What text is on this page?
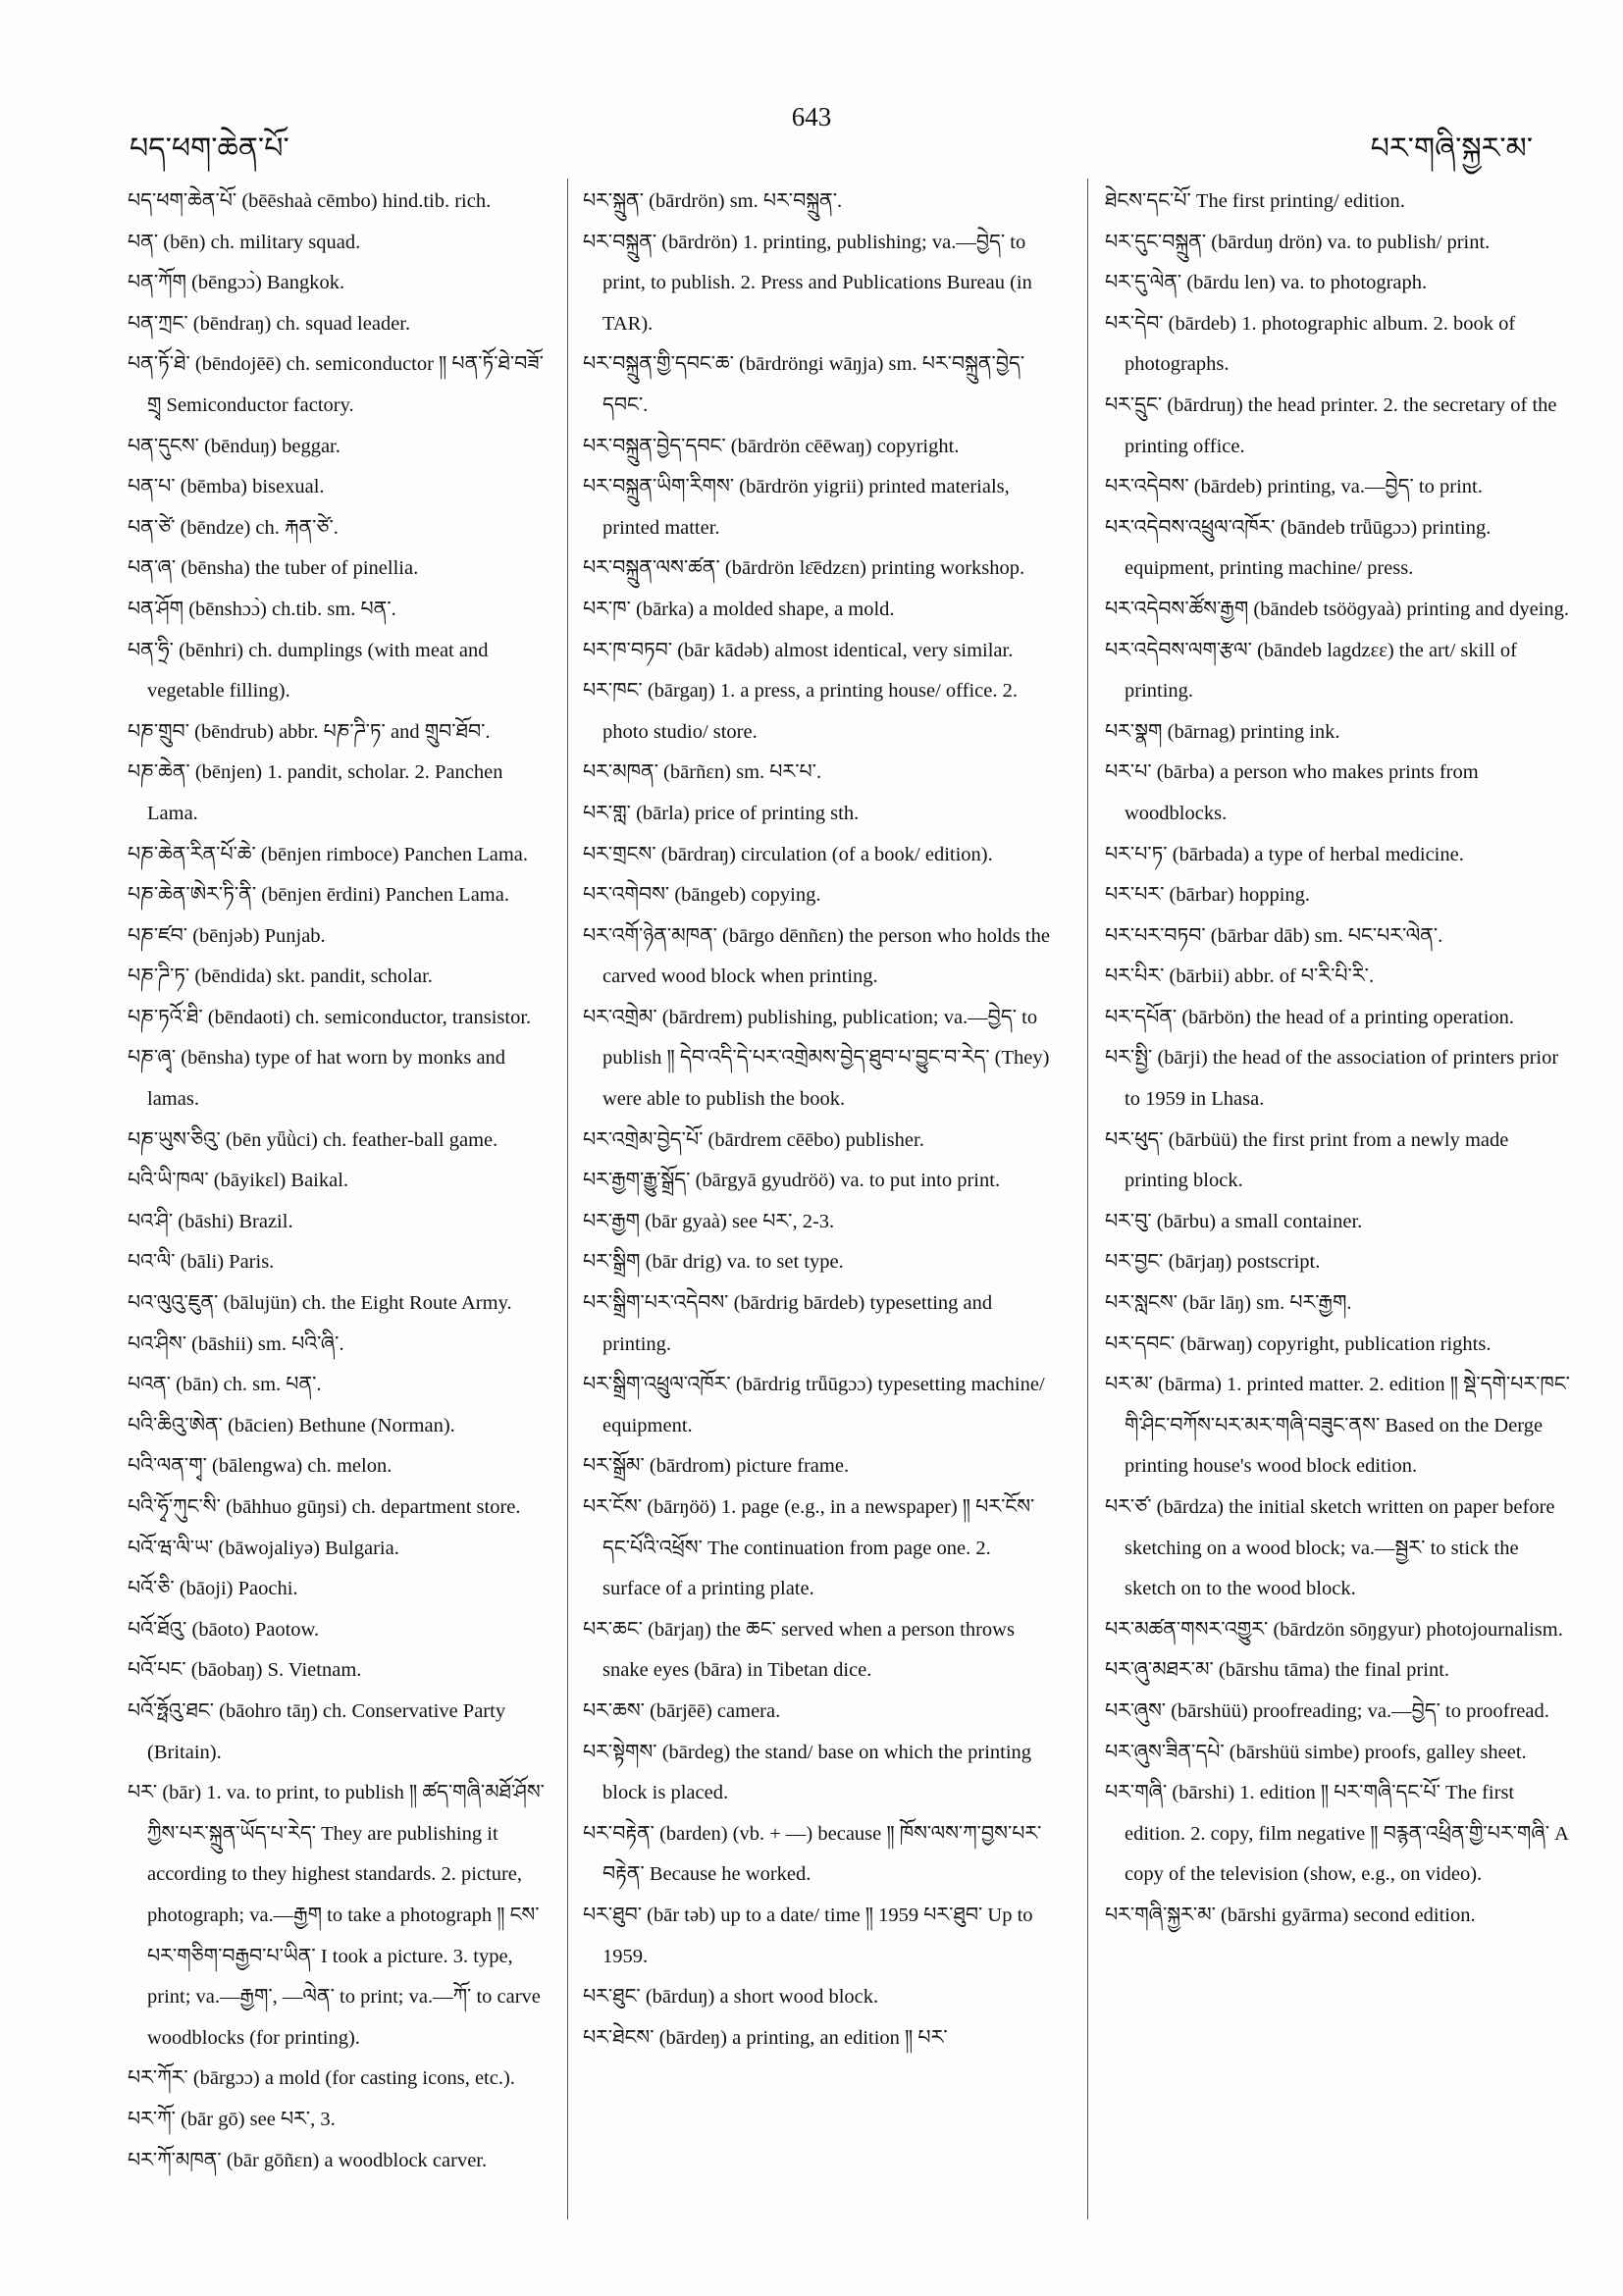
པད་ཕག་ཆེན་པོ་
643
པར་གཞི་སྐྱར་མ་

པད་ཕག་ཆེན་པོ་ (bēēshaà cēmbo) hind.tib. rich.

པན་ (bēn) ch. military squad.

པན་ཀོག (bēngɔɔ̀) Bangkok.

པན་ཀྲང་ (bēndraŋ) ch. squad leader.

པན་ཏོ་ཐེ་ (bēndojēē) ch. semiconductor ༎ པན་ཏོ་ཐེ་བཟོ་གྲྭ Semiconductor factory.

པན་དུངས་ (bēnduŋ) beggar.

པན་པ་ (bēmba) bisexual.

པན་ཙེ་ (bēndze) ch. རྐན་ཙེ་.

པན་ཞ་ (bēnsha) the tuber of pinellia.

པན་ཤོག (bēnshɔɔ̀) ch.tib. sm. པན་.

པན་ཧྲི་ (bēnhri) ch. dumplings (with meat and vegetable filling).

པཎ་གྲུབ་ (bēndrub) abbr. པཎ་ཌི་ཏ་ and གྲུབ་ཐོབ་.

པཎ་ཆེན་ (bēnjen) 1. pandit, scholar. 2. Panchen Lama.

པཎ་ཆེན་རིན་པོ་ཆེ་ (bēnjen rimboce) Panchen Lama.

པཎ་ཆེན་ཨེར་ཏི་ནི་ (bēnjen ērdini) Panchen Lama.

པཎ་ཛབ་ (bēnjəb) Punjab.

པཎ་ཌི་ཏ་ (bēndida) skt. pandit, scholar.

པཎ་ཏའོ་ཐི་ (bēndaoti) ch. semiconductor, transistor.

པཎ་ཞྭ་ (bēnsha) type of hat worn by monks and lamas.

པཎ་ཡུས་ཅིའུ་ (bēn yǖǜci) ch. feather-ball game.

པའི་ཡི་ཁལ་ (bāyikɛl) Baikal.

པའ་ཤི་ (bāshi) Brazil.

པའ་ལི་ (bāli) Paris.

པའ་ལུའུ་ཇུན་ (bālujün) ch. the Eight Route Army.

པའ་ཤིས་ (bāshii) sm. པའི་ཞི་.

པའན་ (bān) ch. sm. པན་.

པའི་ཆིའུ་ཨེན་ (bācien) Bethune (Norman).

པའི་ལན་གྭ་ (bālengwa) ch. melon.

པའི་ཧྭོ་ཀུང་སི་ (bāhhuo gūŋsi) ch. department store.

པའོ་ཝ་ལི་ཡ་ (bāwojaliyə) Bulgaria.

པའོ་ཅི་ (bāoji) Paochi.

པའོ་ཐོའུ་ (bāoto) Paotow.

པའོ་པང་ (bāobaŋ) S. Vietnam.

པའོ་ཧྥོའུ་ཐང་ (bāohro tāŋ) ch. Conservative Party (Britain).

པར་ (bār) 1. va. to print, to publish ༎ ཚད་གཞི་མཐོ་ཤོས་ཀྱིས་པར་སྐྲུན་ཡོད་པ་རེད་ They are publishing it according to they highest standards. 2. picture, photograph; va.—རྒྱག to take a photograph ༎ ངས་པར་གཅིག་བརྒྱབ་པ་ཡིན་ I took a picture. 3. type, print; va.—རྒྱག་, —ལེན་ to print; va.—ཀོ་ to carve woodblocks (for printing).

པར་ཀོར་ (bārgɔɔ) a mold (for casting icons, etc.).

པར་ཀོ་ (bār gō) see པར་, 3.

པར་ཀོ་མཁན་ (bār gōñɛn) a woodblock carver.

པར་སྐྲུན་ (bārdrön) sm. པར་བསྐྲུན་.

པར་བསྐྲུན་ (bārdrön) 1. printing, publishing; va.—བྱེད་ to print, to publish. 2. Press and Publications Bureau (in TAR).

པར་བསྐྲུན་གྱི་དབང་ཆ་ (bārdröngi wāŋja) sm. པར་བསྐྲུན་བྱེད་དབང་.

པར་བསྐྲུན་བྱེད་དབང་ (bārdrön cēēwaŋ) copyright.

པར་བསྐྲུན་ཡིག་རིགས་ (bārdrön yigrii) printed materials, printed matter.

པར་བསྐྲུན་ལས་ཚན་ (bārdrön lɛ̄ēdzɛn) printing workshop.

པར་ཁ་ (bārka) a molded shape, a mold.

པར་ཁ་བཏབ་ (bār kādəb) almost identical, very similar.

པར་ཁང་ (bārgaŋ) 1. a press, a printing house/ office. 2. photo studio/ store.

པར་མཁན་ (bārñɛn) sm. པར་པ་.

པར་གླ་ (bārla) price of printing sth.

པར་གྲངས་ (bārdraŋ) circulation (of a book/ edition).

པར་འགེབས་ (bāngeb) copying.

པར་འགོ་ཉེན་མཁན་ (bārgo dēnñɛn) the person who holds the carved wood block when printing.

པར་འགྲེམ་ (bārdrem) publishing, publication; va.—བྱེད་ to publish ༎ དེབ་འདི་དེ་པར་འགྲེམས་བྱེད་ཐུབ་པ་བྱུང་བ་རེད་ (They) were able to publish the book.

པར་འགྲེམ་བྱེད་པོ་ (bārdrem cēēbo) publisher.

པར་རྒྱག་རྒྱུ་སྒྲོད་ (bārgyā gyudröö) va. to put into print.

པར་རྒྱག (bār gyaà) see པར་, 2-3.

པར་སྒྲིག (bār drig) va. to set type.

པར་སྒྲིག་པར་འདེབས་ (bārdrig bārdeb) typesetting and printing.

པར་སྒྲིག་འཕྲུལ་འཁོར་ (bārdrig trǖūgɔɔ) typesetting machine/ equipment.

པར་སྒྲོམ་ (bārdrom) picture frame.

པར་ངོས་ (bārŋöö) 1. page (e.g., in a newspaper) ༎ པར་ངོས་དང་པོའི་འཕྲོས་ The continuation from page one. 2. surface of a printing plate.

པར་ཆང་ (bārjaŋ) the ཆང་ served when a person throws snake eyes (bāra) in Tibetan dice.

པར་ཆས་ (bārjēē) camera.

པར་སྟེགས་ (bārdeg) the stand/ base on which the printing block is placed.

པར་བརྟེན་ (barden) (vb. + —) because ༎ ཁོས་ལས་ཀ་བྱས་པར་བརྟེན་ Because he worked.

པར་ཐུབ་ (bār təb) up to a date/ time ༎ 1959 པར་ཐུབ་ Up to 1959.

པར་ཐུང་ (bārduŋ) a short wood block.

པར་ཐེངས་ (bārdeŋ) a printing, an edition ༎ པར་

ཐེངས་དང་པོ་ The first printing/ edition.

པར་དུང་བསྐྲུན་ (bārduŋ drön) va. to publish/ print.

པར་དུ་ལེན་ (bārdu len) va. to photograph.

པར་དེབ་ (bārdeb) 1. photographic album. 2. book of photographs.

པར་དྲུང་ (bārdruŋ) the head printer. 2. the secretary of the printing office.

པར་འདེབས་ (bārdeb) printing, va.—བྱེད་ to print.

པར་འདེབས་འཕྲུལ་འཁོར་ (bāndeb trǖūgɔɔ) printing. equipment, printing machine/ press.

པར་འདེབས་ཚོས་རྒྱག (bāndeb tsööɡyaà) printing and dyeing.

པར་འདེབས་ལག་རྩལ་ (bāndeb lagdzɛɛ) the art/ skill of printing.

པར་སྣག (bārnag) printing ink.

པར་པ་ (bārba) a person who makes prints from woodblocks.

པར་པ་ཏ་ (bārbada) a type of herbal medicine.

པར་པར་ (bārbar) hopping.

པར་པར་བཏབ་ (bārbar dāb) sm. པང་པར་ལེན་.

པར་པིར་ (bārbii) abbr. of པ་རི་པི་རི་.

པར་དཔོན་ (bārbön) the head of a printing operation.

པར་སྤྱི་ (bārji) the head of the association of printers prior to 1959 in Lhasa.

པར་ཕུད་ (bārbüü) the first print from a newly made printing block.

པར་བུ་ (bārbu) a small container.

པར་བྱང་ (bārjaŋ) postscript.

པར་སླངས་ (bār lāŋ) sm. པར་རྒྱག.

པར་དབང་ (bārwaŋ) copyright, publication rights.

པར་མ་ (bārma) 1. printed matter. 2. edition ༎ སྡེ་དགེ་པར་ཁང་གི་ཤིང་བཀོས་པར་མར་གཞི་བཟུང་ནས་ Based on the Derge printing house's wood block edition.

པར་ཙ་ (bārdza) the initial sketch written on paper before sketching on a wood block; va.—སྦྱར་ to stick the sketch on to the wood block.

པར་མཚན་གསར་འགྱུར་ (bārdzön sōŋgyur) photojournalism.

པར་ཞུ་མཐར་མ་ (bārshu tāma) the final print.

པར་ཞུས་ (bārshüü) proofreading; va.—བྱེད་ to proofread.

པར་ཞུས་ཟིན་དཔེ་ (bārshüü simbe) proofs, galley sheet.

པར་གཞི་ (bārshi) 1. edition ༎ པར་གཞི་དང་པོ་ The first edition. 2. copy, film negative ༎ བརྙན་འཕྲིན་གྱི་པར་གཞི་ A copy of the television (show, e.g., on video).

པར་གཞི་སྐྱར་མ་ (bārshi gyārma) second edition.
